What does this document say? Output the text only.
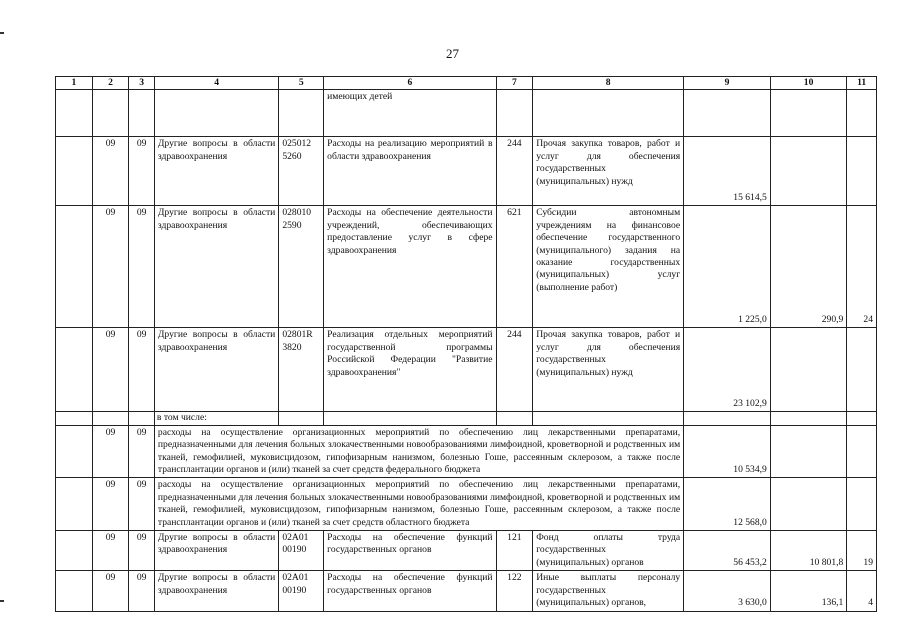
27
1	2	3	4	5	6	7	8	9	10	11
					имеющих детей					
	09	09	Другие вопросы в области здравоохранения	025012 5260	Расходы на реализацию мероприятий в области здравоохранения	244	Прочая закупка товаров, работ и услуг для обеспечения государственных (муниципальных) нужд	15 614,5		
	09	09	Другие вопросы в области здравоохранения	028010 2590	Расходы на обеспечение деятельности учреждений, обеспечивающих предоставление услуг в сфере здравоохранения	621	Субсидии автономным учреждениям на финансовое обеспечение государственного (муниципального) задания на оказание государственных (муниципальных) услуг (выполнение работ)	1 225,0	290,9	24
	09	09	Другие вопросы в области здравоохранения	02801R 3820	Реализация отдельных мероприятий государственной программы Российской Федерации "Развитие здравоохранения"	244	Прочая закупка товаров, работ и услуг для обеспечения государственных (муниципальных) нужд	23 102,9		
			в том числе:							
	09	09	расходы на осуществление организационных мероприятий по обеспечению лиц лекарственными препаратами, предназначенными для лечения больных злокачественными новообразованиями лимфоидной, кроветворной и родственных им тканей, гемофилией, муковисцидозом, гипофизарным нанизмом, болезнью Гоше, рассеянным склерозом, а также после трансплантации органов и (или) тканей за счет средств федерального бюджета					10 534,9		
	09	09	расходы на осуществление организационных мероприятий по обеспечению лиц лекарственными препаратами, предназначенными для лечения больных злокачественными новообразованиями лимфоидной, кроветворной и родственных им тканей, гемофилией, муковисцидозом, гипофизарным нанизмом, болезнью Гоше, рассеянным склерозом, а также после трансплантации органов и (или) тканей за счет средств областного бюджета					12 568,0		
	09	09	Другие вопросы в области здравоохранения	02А01 00190	Расходы на обеспечение функций государственных органов	121	Фонд оплаты труда государственных (муниципальных) органов	56 453,2	10 801,8	19
	09	09	Другие вопросы в области здравоохранения	02А01 00190	Расходы на обеспечение функций государственных органов	122	Иные выплаты персоналу государственных (муниципальных) органов,	3 630,0	136,1	4
